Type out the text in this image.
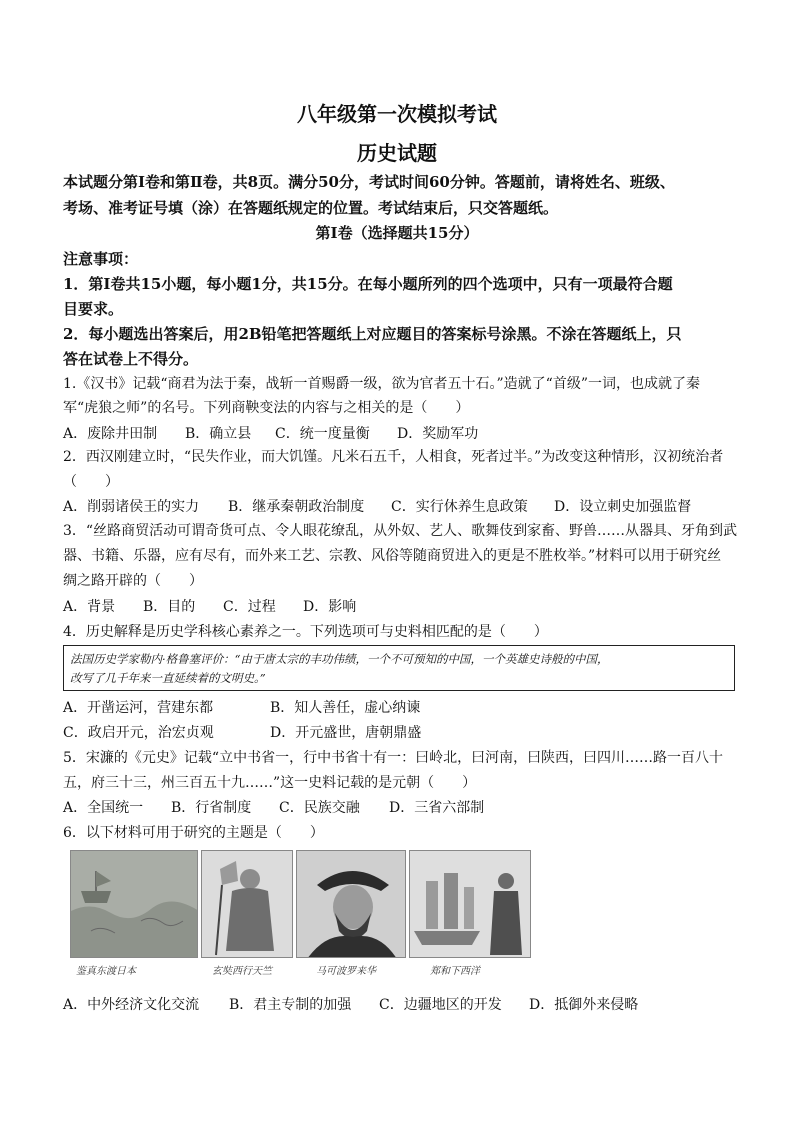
八年级第一次模拟考试
历史试题
本试题分第Ⅰ卷和第Ⅱ卷，共8页。满分50分，考试时间60分钟。答题前，请将姓名、班级、
考场、准考证号填（涂）在答题纸规定的位置。考试结束后，只交答题纸。
第Ⅰ卷（选择题共15分）
注意事项：
1．第Ⅰ卷共15小题，每小题1分，共15分。在每小题所列的四个选项中，只有一项最符合题
目要求。
2．每小题选出答案后，用2B铅笔把答题纸上对应题目的答案标号涂黑。不涂在答题纸上，只
答在试卷上不得分。
1.《汉书》记载“商君为法于秦，战斩一首赐爵一级，欲为官者五十石。”造就了“首级”一词，也成就了秦
军“虎狼之师”的名号。下列商鞅变法的内容与之相关的是（　　）
A．废除井田制 B．确立县 C．统一度量衡 D．奖励军功
2．西汉刚建立时，“民失作业，而大饥馑。凡米石五千，人相食，死者过半。”为改变这种情形，汉初统治者
（　　）
A．削弱诸侯王的实力 B．继承秦朝政治制度 C．实行休养生息政策 D．设立刺史加强监督
3．“丝路商贸活动可谓奇货可点、令人眼花缭乱，从外奴、艺人、歌舞伎到家畜、野兽……从器具、牙角到武
器、书籍、乐器，应有尽有，而外来工艺、宗教、风俗等随商贸进入的更是不胜枚举。”材料可以用于研究丝
绸之路开辟的（　　）
A．背景 B．目的 C．过程 D．影响
4．历史解释是历史学科核心素养之一。下列选项可与史料相匹配的是（　　）
法国历史学家勒内·格鲁塞评价：“由于唐太宗的丰功伟绩，一个不可预知的中国，一个英雄史诗般的中国，
改写了几千年来一直延续着的文明史。”
A．开凿运河，营建东都	B．知人善任，虚心纳谏
C．政启开元，治宏贞观	D．开元盛世，唐朝鼎盛
5．宋濂的《元史》记载“立中书省一，行中书省十有一：曰岭北，曰河南，曰陕西，曰四川……路一百八十
五，府三十三，州三百五十九……”这一史料记载的是元朝（　　）
A．全国统一 B．行省制度 C．民族交融 D．三省六部制
6．以下材料可用于研究的主题是（　　）
鉴真东渡日本	玄奘西行天竺	马可波罗来华	郑和下西洋
A．中外经济文化交流 B．君主专制的加强 C．边疆地区的开发 D．抵御外来侵略
